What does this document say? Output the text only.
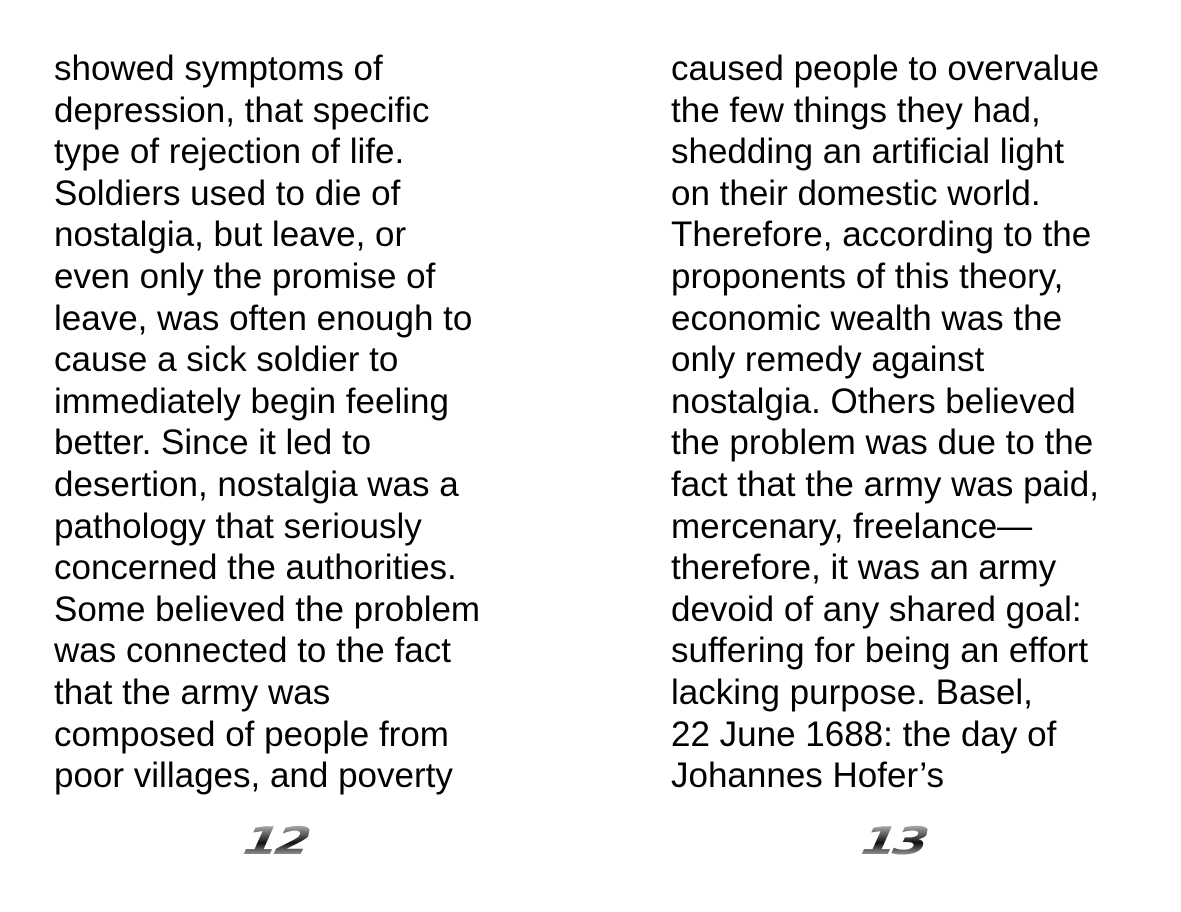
showed symptoms of
depression, that specific
type of rejection of life.
Soldiers used to die of
nostalgia, but leave, or
even only the promise of
leave, was often enough to
cause a sick soldier to
immediately begin feeling
better. Since it led to
desertion, nostalgia was a
pathology that seriously
concerned the authorities.
Some believed the problem
was connected to the fact
that the army was
composed of people from
poor villages, and poverty
12
caused people to overvalue
the few things they had,
shedding an artificial light
on their domestic world.
Therefore, according to the
proponents of this theory,
economic wealth was the
only remedy against
nostalgia. Others believed
the problem was due to the
fact that the army was paid,
mercenary, freelance—
therefore, it was an army
devoid of any shared goal:
suffering for being an effort
lacking purpose. Basel,
22 June 1688: the day of
Johannes Hofer’s
13
